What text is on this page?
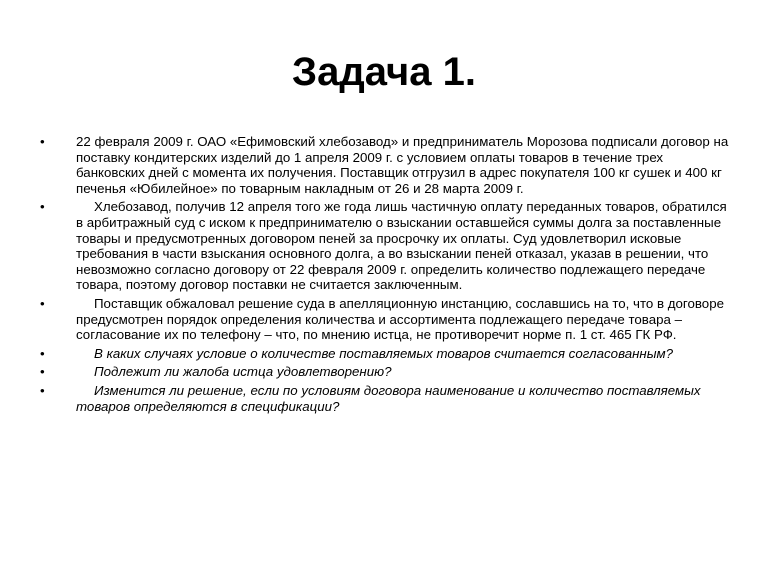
Задача 1.
•	22 февраля 2009 г. ОАО «Ефимовский хлебозавод» и предприниматель Морозова подписали договор на поставку кондитерских изделий до 1 апреля 2009 г. с условием оплаты товаров в течение трех банковских дней с момента их получения. Поставщик отгрузил в адрес покупателя 100 кг сушек и 400 кг печенья «Юбилейное» по товарным накладным от 26 и 28 марта 2009 г.
•	Хлебозавод, получив 12 апреля того же года лишь частичную оплату переданных товаров, обратился в арбитражный суд с иском к предпринимателю о взыскании оставшейся суммы долга за поставленные товары и предусмотренных договором пеней за просрочку их оплаты. Суд удовлетворил исковые требования в части взыскания основного долга, а во взыскании пеней отказал, указав в решении, что невозможно согласно договору от 22 февраля 2009 г. определить количество подлежащего передаче товара, поэтому договор поставки не считается заключенным.
•	Поставщик обжаловал решение суда в апелляционную инстанцию, сославшись на то, что в договоре предусмотрен порядок определения количества и ассортимента подлежащего передаче товара – согласование их по телефону – что, по мнению истца, не противоречит норме п. 1 ст. 465 ГК РФ.
•	В каких случаях условие о количестве поставляемых товаров считается согласованным?
•	Подлежит ли жалоба истца удовлетворению?
•	Изменится ли решение, если по условиям договора наименование и количество поставляемых товаров определяются в спецификации?
